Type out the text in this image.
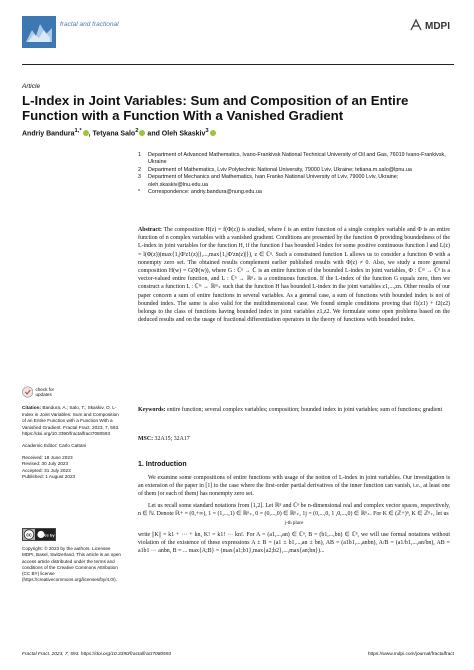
fractal and fractional	MDPI
Article
L-Index in Joint Variables: Sum and Composition of an Entire Function with a Function With a Vanished Gradient
Andriy Bandura$^{1,*}$ , Tetyana Salo$^2$ and Oleh Skaskiv$^3$
1	Department of Advanced Mathematics, Ivano-Frankivsk National Technical University of Oil and Gas, 76019 Ivano-Frankivsk, Ukraine
2	Department of Mathematics, Lviv Polytechnic National University, 79000 Lviv, Ukraine; tetiana.m.salo@lpnu.ua
3	Department of Mechanics and Mathematics, Ivan Franko National University of Lviv, 79000 Lviv, Ukraine; oleh.skaskiv@lnu.edu.ua
*	Correspondence: andriy.bandura@nung.edu.ua
Abstract: The composition H(z) = f(Φ(z)) is studied, where f is an entire function of a single complex variable and Φ is an entire function of n complex variables with a vanished gradient. Conditions are presented by the function Φ providing boundedness of the L-index in joint variables for the function H, if the function f has bounded l-index for some positive continuous function l and L(z) = l(Φ(z))(max{1,|Φ'z1(z)|},...,max{1,|Φ'zn(z)|}), z ∈ ℂⁿ. Such a constrained function L allows us to consider a function Φ with a nonempty zero set. The obtained results complement earlier published results with Φ(z) ≠ 0. Also, we study a more general composition H(w) = G(Φ(w)), where G : ℂⁿ → ℂ is an entire function of the bounded L-index in joint variables, Φ : ℂᵐ → ℂⁿ is a vector-valued entire function, and L : ℂⁿ → ℝⁿ₊ is a continuous function. If the L-index of the function G equals zero, then we construct a function L : ℂᵐ → ℝᵐ₊ such that the function H has bounded L-index in the joint variables z1,...,zn. Other results of our paper concern a sum of entire functions in several variables. As a general case, a sum of functions with bounded index is not of bounded index. The same is also valid for the multidimensional case. We found simple conditions proving that f1(z1) + f2(z2) belongs to the class of functions having bounded index in joint variables z1,z2. We formulate some open problems based on the deduced results and on the usage of fractional differentiation operators in the theory of functions with bounded index.
Keywords: entire function; several complex variables; composition; bounded index in joint variables; sum of functions; gradient
MSC: 32A15; 32A17
1. Introduction

We examine some compositions of entire functions with usage of the notion of L-index in joint variables. Our investigation is an extension of the paper in [1] to the case where the first-order partial derivatives of the inner function can vanish, i.e., at least one of them (or each of them) has nonempty zero set.

Let us recall some standard notations from [1,2]. Let ℝⁿ and ℂⁿ be n-dimensional real and complex vector spaces, respectively, n ∈ ℕ. Denote ℝ+ = (0,+∞), 1 = (1,...,1) ∈ ℝⁿ₊, 0 = (0,...,0) ∈ ℝⁿ₊, 1j = (0,...,0, 1 ,0,...,0) ∈ ℝⁿ₊. For K ∈ (ℤ+)ⁿ, K ∈ ℤⁿ₊, let us

j-th place
write ||K|| = k1 + ··· + kn, K! = k1! ··· kn!. For A = (a1,...,an) ∈ ℂⁿ, B = (b1,...,bn) ∈ ℂⁿ, we will use formal notations without violation of the existence of these expressions A ± B = (a1 ± b1,...,an ± bn), AB = (a1b1,...,anbn), A/B = (a1/b1,...,an/bn), AB = a1b1 ··· anbn, B = ... max{A;B} = (max{a1;b1},max{a2;b2},...,max{an;bn})...
check for updates
Citation: Bandura, A.; Salo, T.; Skaskiv, O. L-Index in Joint Variables: Sum and Composition of an Entire Function with a Function With a Vanished Gradient. Fractal Fract. 2023, 7, 593. https://doi.org/10.3390/fractalfract7080593
Academic Editor: Carlo Cattani
Received: 18 June 2023
Revised: 30 July 2023
Accepted: 31 July 2023
Published: 1 August 2023
cc	cc by
Copyright: © 2023 by the authors. Licensee MDPI, Basel, Switzerland. This article is an open access article distributed under the terms and conditions of the Creative Commons Attribution (CC BY) license (https://creativecommons.org/licenses/by/4.0/).
Fractal Fract. 2023, 7, 593. https://doi.org/10.3390/fractalfract7080593	https://www.mdpi.com/journal/fractalfract
